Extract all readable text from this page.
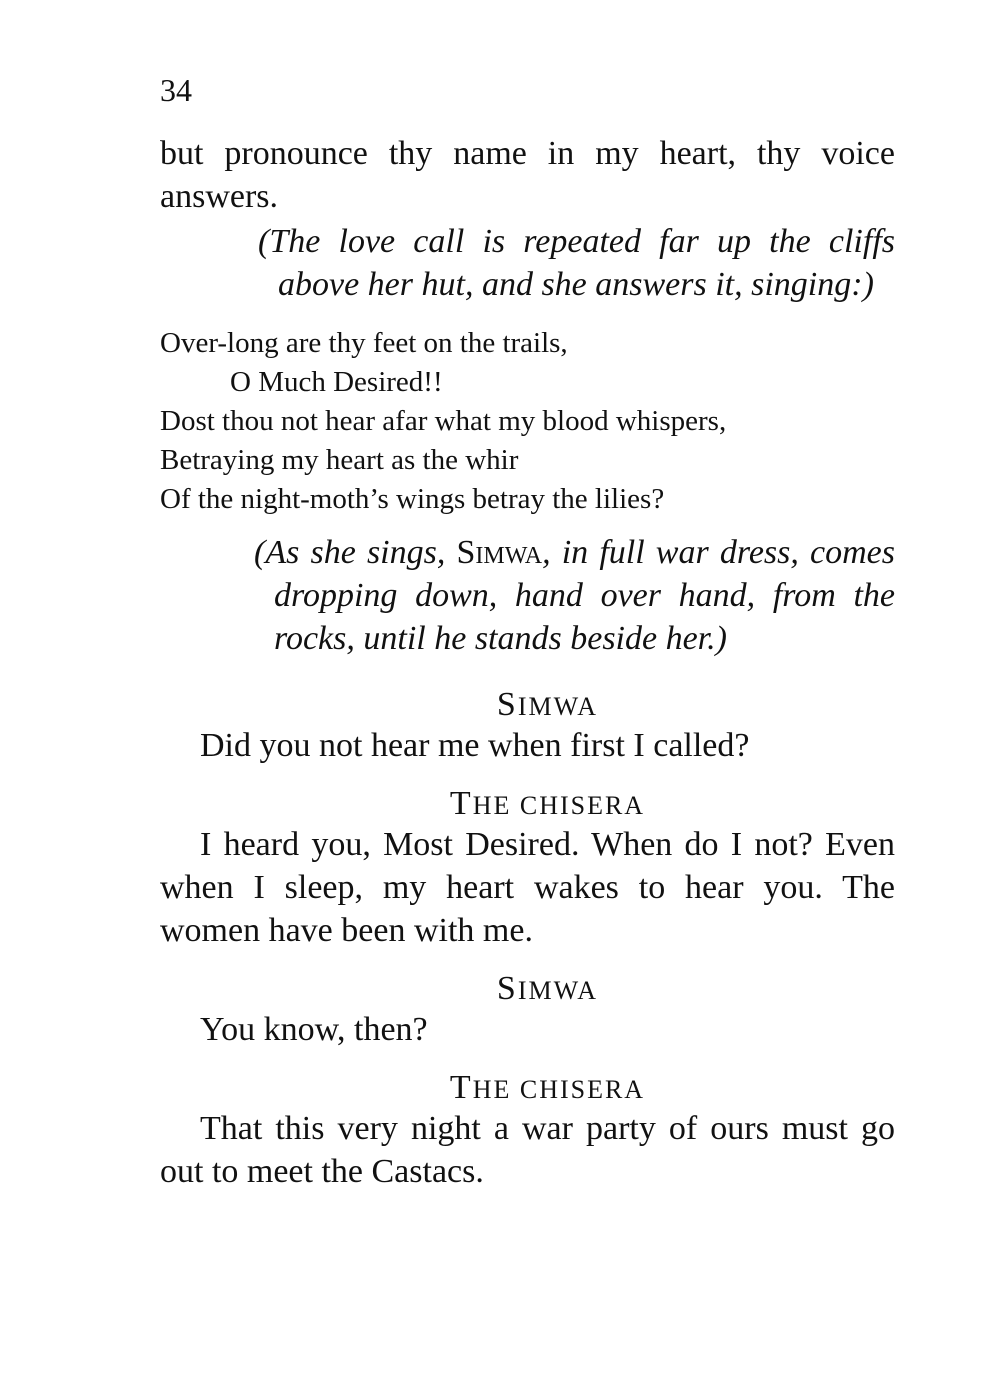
34

but pronounce thy name in my heart, thy voice answers.

(The love call is repeated far up the cliffs above her hut, and she answers it, singing:)

Over-long are thy feet on the trails,
O Much Desired!!
Dost thou not hear afar what my blood whispers,
Betraying my heart as the whir
Of the night-moth’s wings betray the lilies?

(As she sings, Simwa, in full war dress, comes dropping down, hand over hand, from the rocks, until he stands beside her.)

SIMWA

Did you not hear me when first I called?

THE CHISERA

I heard you, Most Desired. When do I not? Even when I sleep, my heart wakes to hear you. The women have been with me.

SIMWA

You know, then?

THE CHISERA

That this very night a war party of ours must go out to meet the Castacs.
